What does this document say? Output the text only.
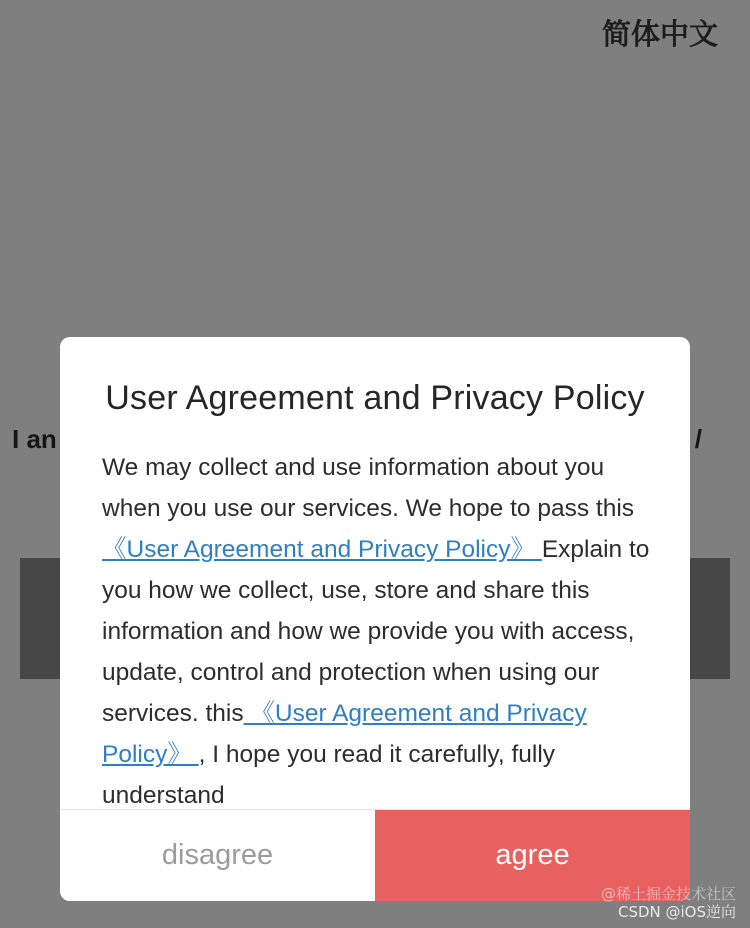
简体中文
I an	/
User Agreement and Privacy Policy

We may collect and use information about you when you use our services. We hope to pass this 《User Agreement and Privacy Policy》 Explain to you how we collect, use, store and share this information and how we provide you with access, update, control and protection when using our services. this 《User Agreement and Privacy Policy》 , I hope you read it carefully, fully understand

disagree	agree
@稀土掘金技术社区
CSDN @iOS逆向
